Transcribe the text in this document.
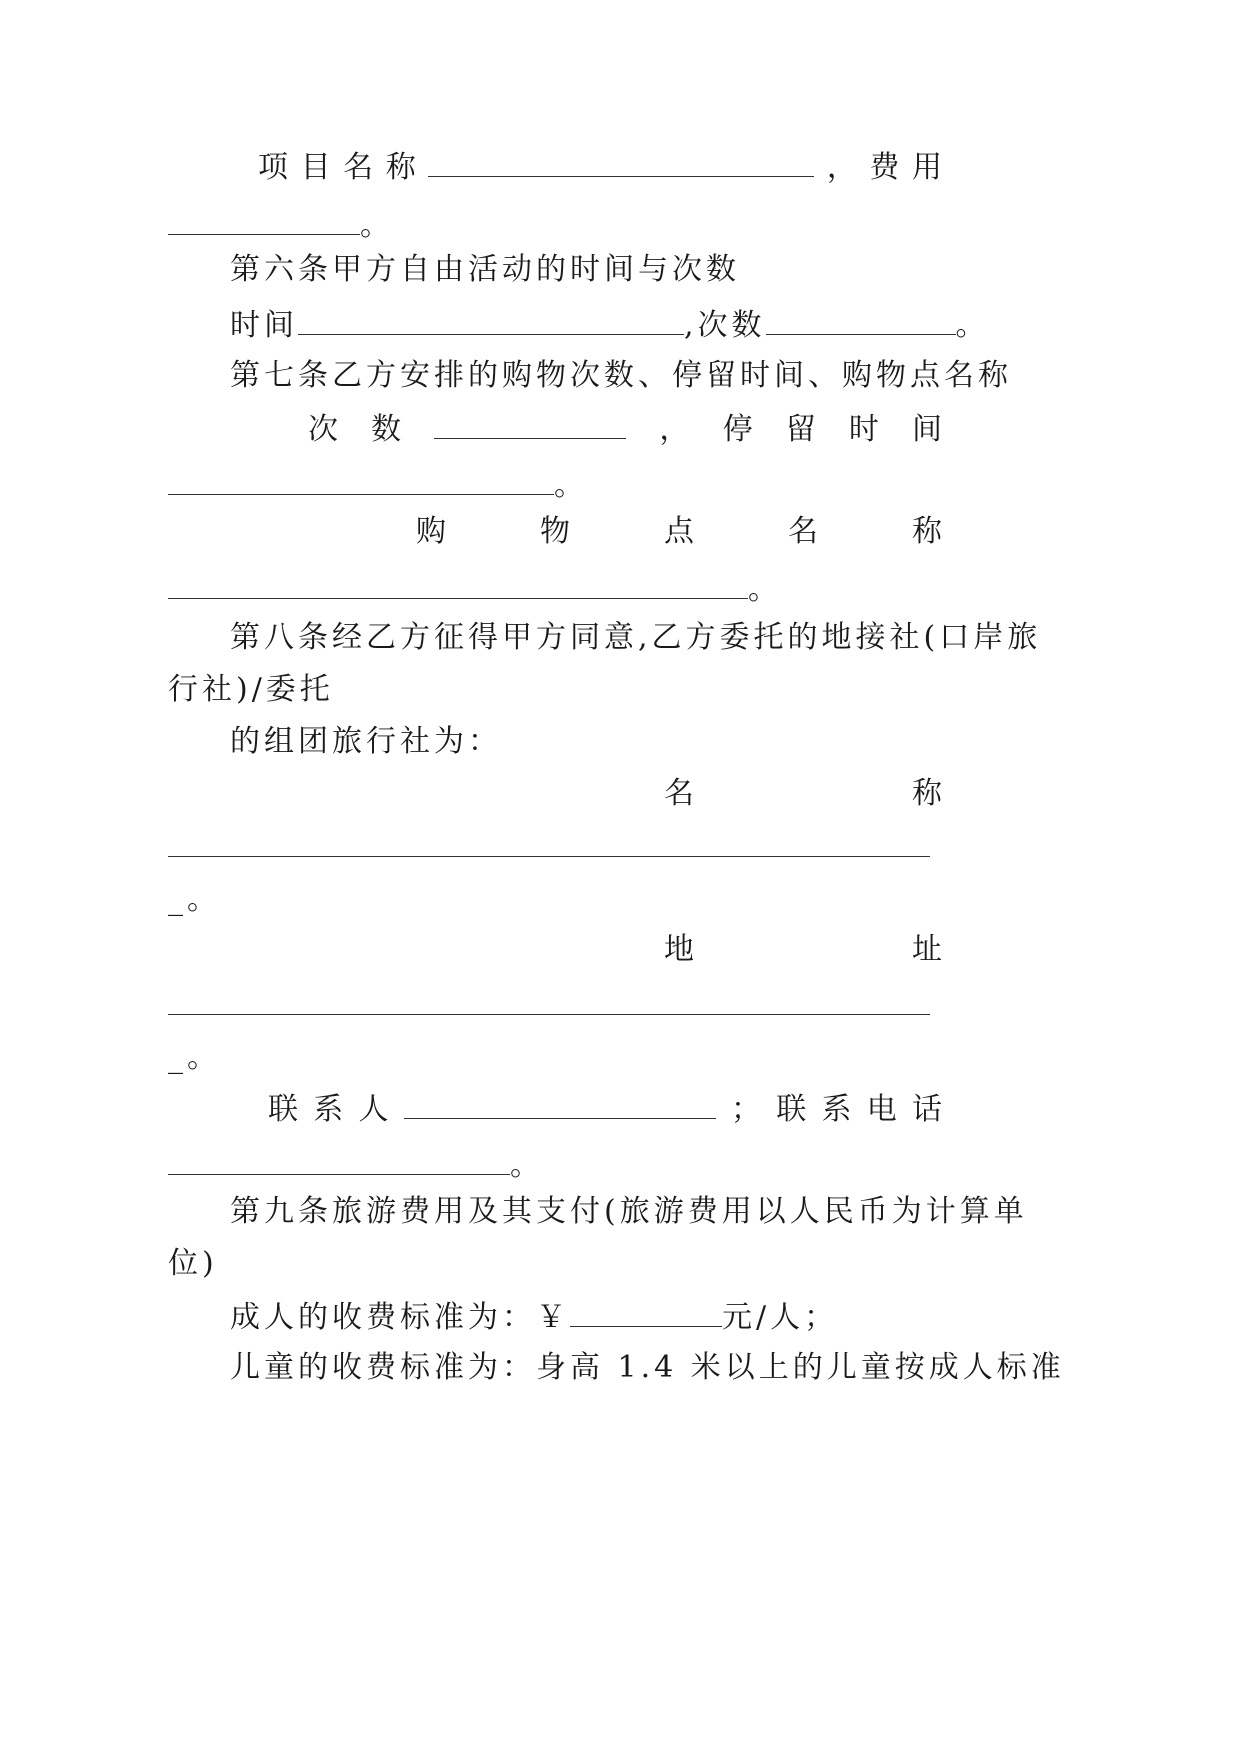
项 目 名 称	， 费 用
。
第六条甲方自由活动的时间与次数
时间	,次数	。
第七条乙方安排的购物次数、停留时间、购物点名称
次 数	， 停 留 时 间
。
购	物	点	名	称
。
第八条经乙方征得甲方同意,乙方委托的地接社(口岸旅
行社)/委托
的组团旅行社为：
名	称
_。
地	址
_。
联 系 人	； 联 系 电 话
。
第九条旅游费用及其支付(旅游费用以人民币为计算单
位)
成人的收费标准为：￥	元/人；
儿童的收费标准为：身高 1.4 米以上的儿童按成人标准
